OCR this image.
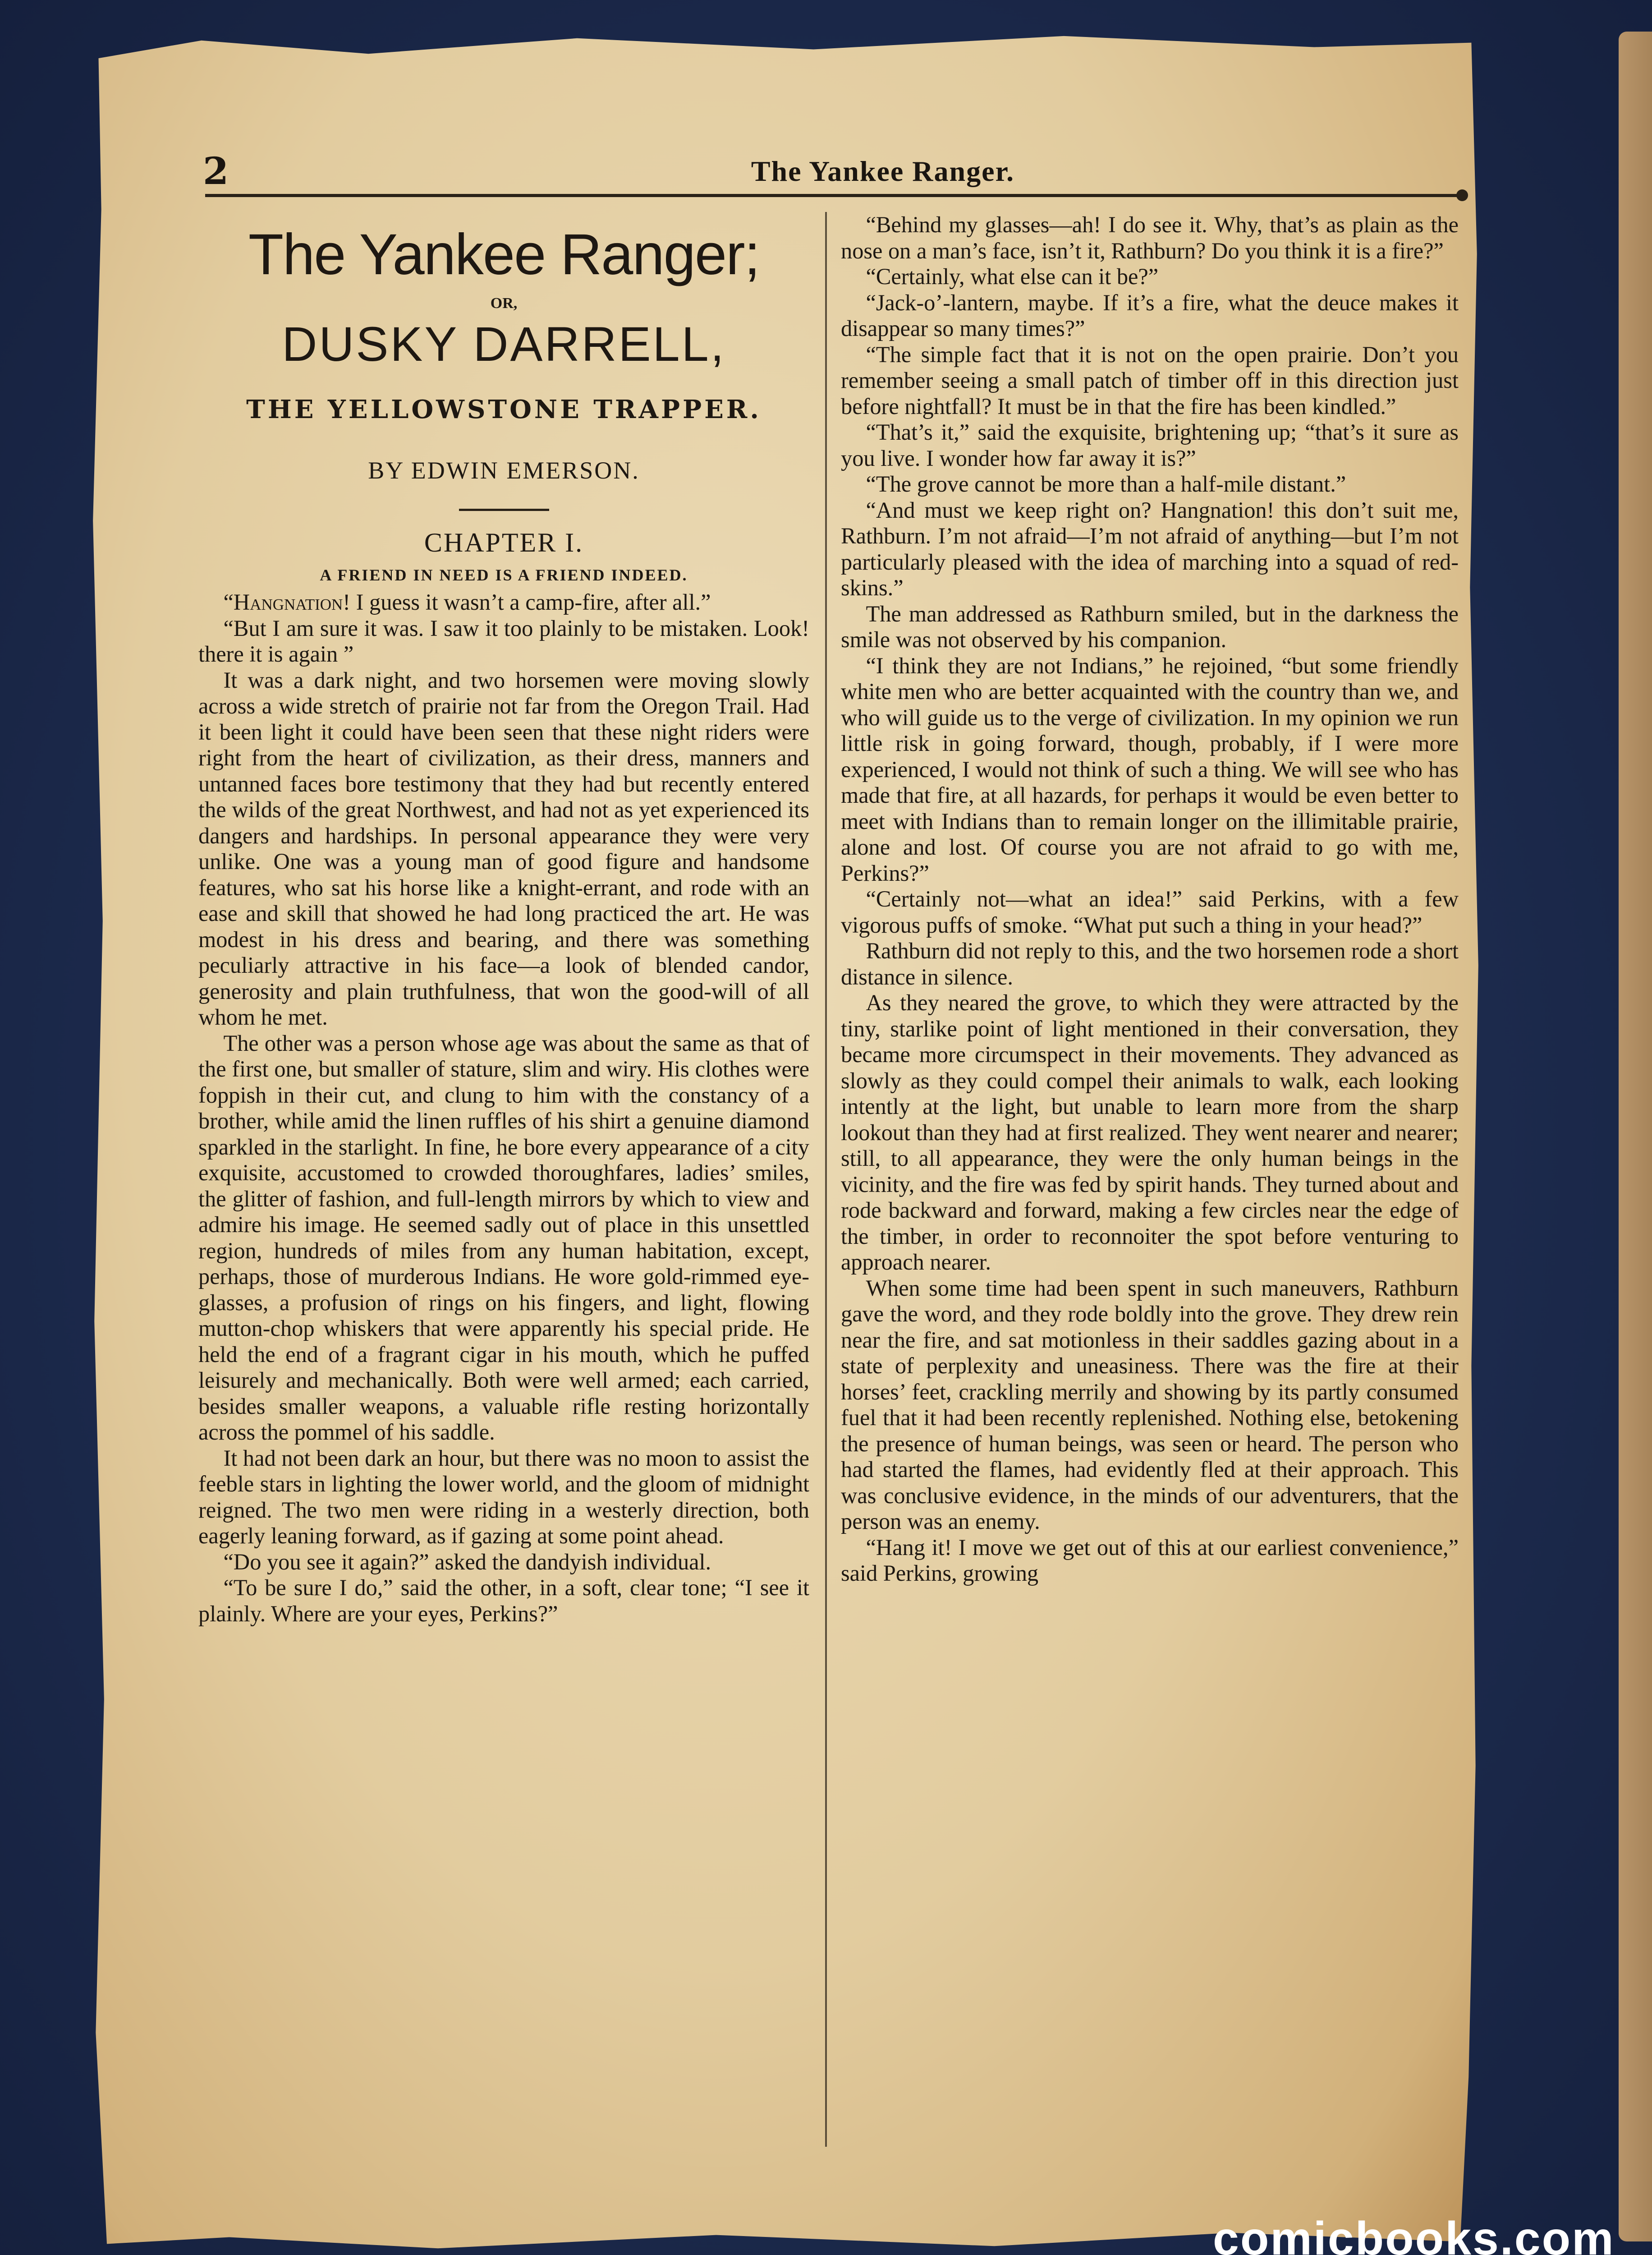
2	The Yankee Ranger.
The Yankee Ranger;
OR,
DUSKY DARRELL,
THE YELLOWSTONE TRAPPER.
BY EDWIN EMERSON.
CHAPTER I.
A FRIEND IN NEED IS A FRIEND INDEED.

“Hangnation! I guess it wasn’t a camp-fire, after all.”

“But I am sure it was. I saw it too plainly to be mistaken. Look! there it is again ”

It was a dark night, and two horsemen were moving slowly across a wide stretch of prairie not far from the Oregon Trail. Had it been light it could have been seen that these night riders were right from the heart of civilization, as their dress, manners and untanned faces bore testimony that they had but recently entered the wilds of the great Northwest, and had not as yet experienced its dangers and hardships. In personal appearance they were very unlike. One was a young man of good figure and handsome features, who sat his horse like a knight-errant, and rode with an ease and skill that showed he had long practiced the art. He was modest in his dress and bearing, and there was something peculiarly attractive in his face—a look of blended candor, generosity and plain truthfulness, that won the good-will of all whom he met.

The other was a person whose age was about the same as that of the first one, but smaller of stature, slim and wiry. His clothes were foppish in their cut, and clung to him with the constancy of a brother, while amid the linen ruffles of his shirt a genuine diamond sparkled in the starlight. In fine, he bore every appearance of a city exquisite, accustomed to crowded thoroughfares, ladies’ smiles, the glitter of fashion, and full-length mirrors by which to view and admire his image. He seemed sadly out of place in this unsettled region, hundreds of miles from any human habitation, except, perhaps, those of murderous Indians. He wore gold-rimmed eye-glasses, a profusion of rings on his fingers, and light, flowing mutton-chop whiskers that were apparently his special pride. He held the end of a fragrant cigar in his mouth, which he puffed leisurely and mechanically. Both were well armed; each carried, besides smaller weapons, a valuable rifle resting horizontally across the pommel of his saddle.

It had not been dark an hour, but there was no moon to assist the feeble stars in lighting the lower world, and the gloom of midnight reigned. The two men were riding in a westerly direction, both eagerly leaning forward, as if gazing at some point ahead.

“Do you see it again?” asked the dandyish individual.

“To be sure I do,” said the other, in a soft, clear tone; “I see it plainly. Where are your eyes, Perkins?”

“Behind my glasses—ah! I do see it. Why, that’s as plain as the nose on a man’s face, isn’t it, Rathburn? Do you think it is a fire?”

“Certainly, what else can it be?”

“Jack-o’-lantern, maybe. If it’s a fire, what the deuce makes it disappear so many times?”

“The simple fact that it is not on the open prairie. Don’t you remember seeing a small patch of timber off in this direction just before nightfall? It must be in that the fire has been kindled.”

“That’s it,” said the exquisite, brightening up; “that’s it sure as you live. I wonder how far away it is?”

“The grove cannot be more than a half-mile distant.”

“And must we keep right on? Hangnation! this don’t suit me, Rathburn. I’m not afraid—I’m not afraid of anything—but I’m not particularly pleased with the idea of marching into a squad of red-skins.”

The man addressed as Rathburn smiled, but in the darkness the smile was not observed by his companion.

“I think they are not Indians,” he rejoined, “but some friendly white men who are better acquainted with the country than we, and who will guide us to the verge of civilization. In my opinion we run little risk in going forward, though, probably, if I were more experienced, I would not think of such a thing. We will see who has made that fire, at all hazards, for perhaps it would be even better to meet with Indians than to remain longer on the illimitable prairie, alone and lost. Of course you are not afraid to go with me, Perkins?”

“Certainly not—what an idea!” said Perkins, with a few vigorous puffs of smoke. “What put such a thing in your head?”

Rathburn did not reply to this, and the two horsemen rode a short distance in silence.

As they neared the grove, to which they were attracted by the tiny, starlike point of light mentioned in their conversation, they became more circumspect in their movements. They advanced as slowly as they could compel their animals to walk, each looking intently at the light, but unable to learn more from the sharp lookout than they had at first realized. They went nearer and nearer; still, to all appearance, they were the only human beings in the vicinity, and the fire was fed by spirit hands. They turned about and rode backward and forward, making a few circles near the edge of the timber, in order to reconnoiter the spot before venturing to approach nearer.

When some time had been spent in such maneuvers, Rathburn gave the word, and they rode boldly into the grove. They drew rein near the fire, and sat motionless in their saddles gazing about in a state of perplexity and uneasiness. There was the fire at their horses’ feet, crackling merrily and showing by its partly consumed fuel that it had been recently replenished. Nothing else, betokening the presence of human beings, was seen or heard. The person who had started the flames, had evidently fled at their approach. This was conclusive evidence, in the minds of our adventurers, that the person was an enemy.

“Hang it! I move we get out of this at our earliest convenience,” said Perkins, growing

comicbooks.com
